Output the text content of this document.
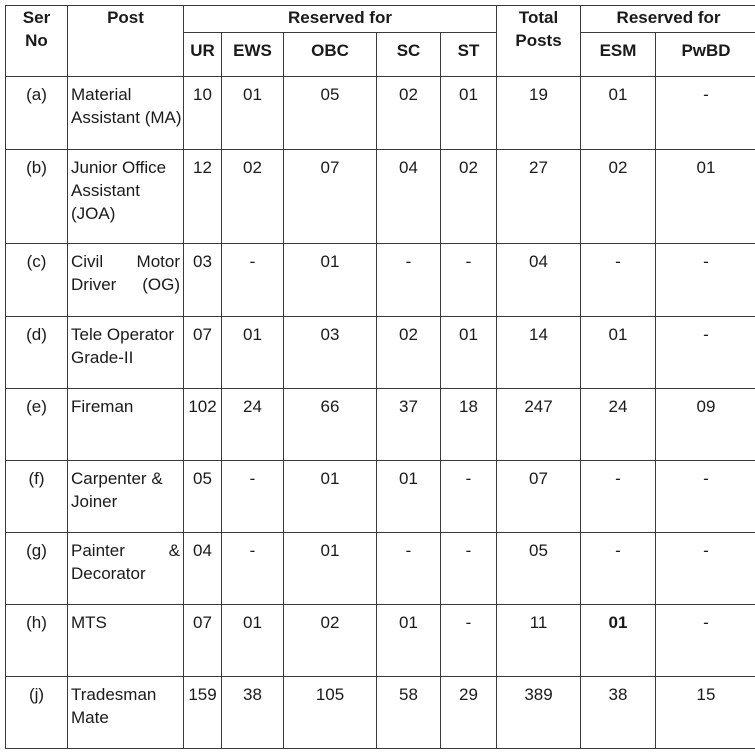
Ser No	Post	Reserved for					Total Posts	Reserved for	
		UR	EWS	OBC	SC	ST		ESM	PwBD
(a)	Material Assistant (MA)	10	01	05	02	01	19	01	-
(b)	Junior Office Assistant (JOA)	12	02	07	04	02	27	02	01
(c)	Civil Motor Driver (OG)	03	-	01	-	-	04	-	-
(d)	Tele Operator Grade-II	07	01	03	02	01	14	01	-
(e)	Fireman	102	24	66	37	18	247	24	09
(f)	Carpenter & Joiner	05	-	01	01	-	07	-	-
(g)	Painter & Decorator	04	-	01	-	-	05	-	-
(h)	MTS	07	01	02	01	-	11	01	-
(j)	Tradesman Mate	159	38	105	58	29	389	38	15
